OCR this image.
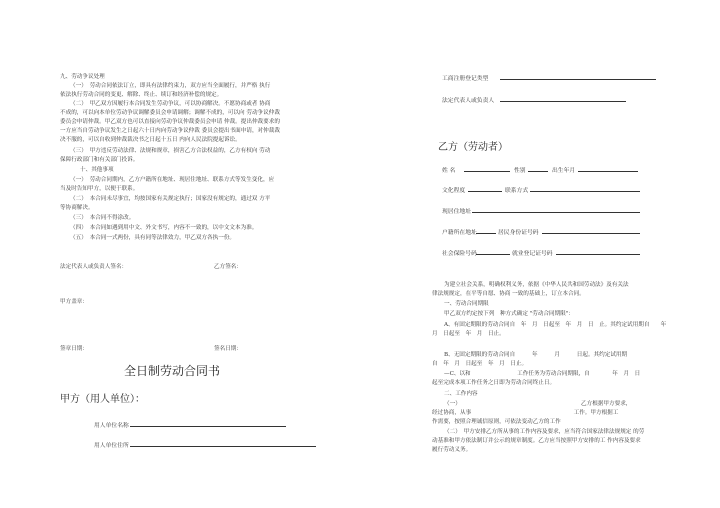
九、劳动争议处理
（一）　劳动合同依法订立，即具有法律约束力，双方应当全面履行，并严格 执行
依法执行劳动合同的变更、解除、终止、续订和经济补偿的规定。
（二）　甲乙双方因履行本合同发生劳动争议，可以协商解决。不愿协商或者 协商
不成的，可以向本单位劳动争议调解委员会申请调解；调解不成的，可以向 劳动争议仲裁
委员会申请仲裁。甲乙双方也可以直接向劳动争议仲裁委员会申请 仲裁。提出仲裁要求的
一方应当自劳动争议发生之日起六十日内向劳动争议仲裁 委员会提出书面申请，对仲裁裁
决不服的，可以自收到仲裁裁决书之日起十五日 内向人民法院提起诉讼。
（三）　甲方违反劳动法律、法规和规章，损害乙方合法权益的，乙方有权向 劳动
保障行政部门和有关部门投诉。
十、其他事项
（一）　劳动合同期内，乙方户籍所在地址、现居住地址、联系方式等发生变化，应
当及时告知甲方，以便于联系。
（二）　本合同未尽事宜，均按国家有关规定执行；国家没有规定的，通过双 方平
等协商解决。
（三）　本合同不得涂改。
（四）　本合同如遇到用中文、外文书写，内容不一致的，以中文文本为准。
（五）　本合同一式两份，具有同等法律效力，甲乙双方各执一份。
法定代表人或负责人签名：	乙方签名：
甲方盖章：
签章日期：	签名日期：
全日制劳动合同书
甲方（用人单位）：
用人单位名称
用人单位住所
工商注册登记类型
法定代表人或负责人
乙方（劳动者）
姓 名	性别	出生年月
文化程度	联系方式
现居住地址
户籍所在地址	居民身份证号码
社会保险号码	就业登记证号码
为建立社会关系，明确权利义务，依据《中华人民共和国劳动法》及有关法
律法规规定，在平等自愿、协商 一致的基础上，订立本合同。
一、劳动合同期限
甲乙双方约定按下列　种方式确定 "劳动合同期限"：
A、有固定期限的劳动合同自　年　月　日起至　年　月　日　止。其约定试用期自　　年
月　日起至　年　月　日止。
B、无固定期限的劳动合同自　　　年　　　月　　　日起。其约定试用期
自　年　月　日起至　年　月　日止。
—C、以和　　　　　　　　 工作任务为劳动合同期限，自　　　　年　月　日
起至完成本项工作任务之日即为劳动合同终止日。
二、工作内容
（一）　　　　　　　　　　　　　　　　　　　　　　乙方根据甲方要求，
经过协商，从事　　　　　　　　　　　　　　　　　　 工作。甲方根据工
作需要，按照合理诚信原则，可依法变动乙方的工作
（二）　甲方安排乙方所从事的工作内容及要求，应当符合国家法律法规规定 的劳
动基准和甲方依法制订并公示的规章制度。乙方应当按照甲方安排的工 作内容及要求
履行劳动义务。
